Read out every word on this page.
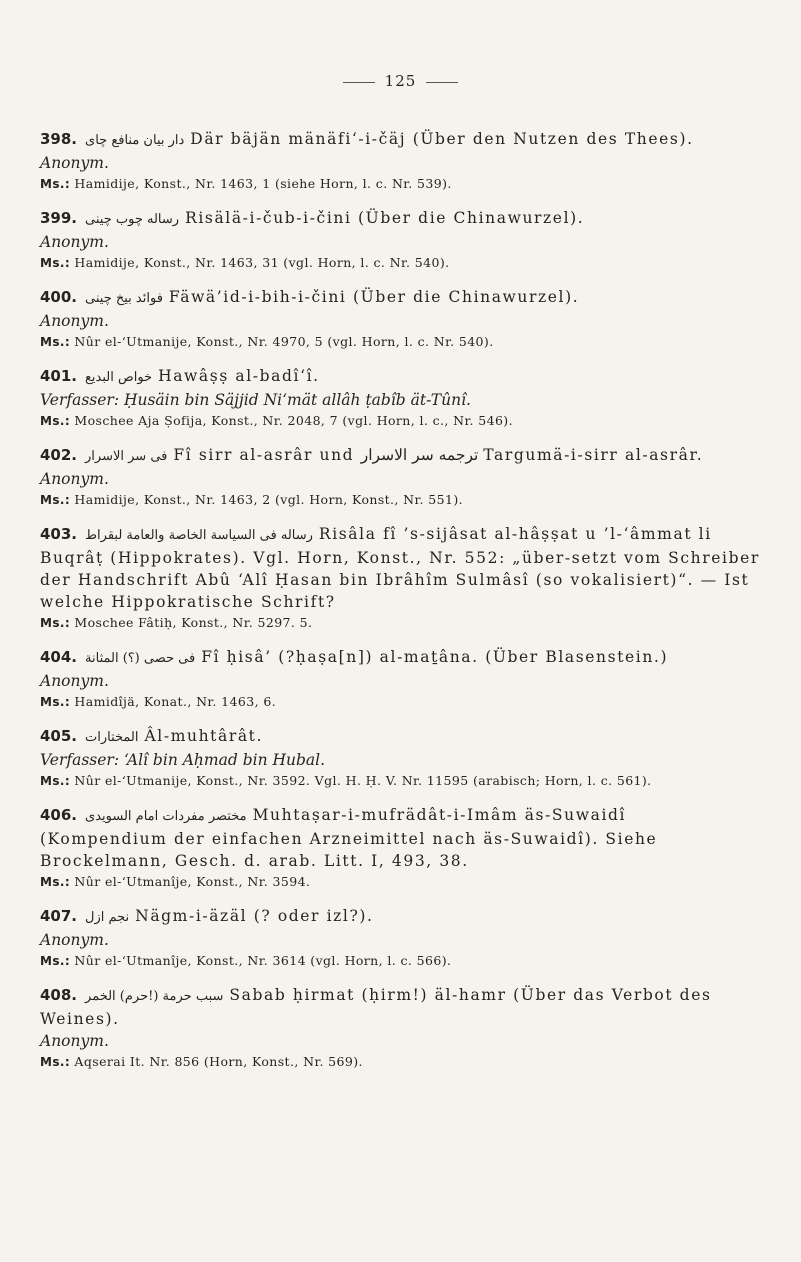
125
398. دار بيان منافع چاى Där bäjän mänäfi‘-i-čäj (Über den Nutzen des Thees).
Anonym.
Ms.: Hamidije, Konst., Nr. 1463, 1 (siehe Horn, l. c. Nr. 539).
399. رساله چوب چينى Risälä-i-čub-i-čini (Über die Chinawurzel).
Anonym.
Ms.: Hamidije, Konst., Nr. 1463, 31 (vgl. Horn, l. c. Nr. 540).
400. فوائد بيخ چينى Fäwä’id-i-bih-i-čini (Über die Chinawurzel).
Anonym.
Ms.: Nûr el-‘Utmanije, Konst., Nr. 4970, 5 (vgl. Horn, l. c. Nr. 540).
401. خواص البديع Hawâṣṣ al-badî‘î.
Verfasser: Ḥusäin bin Säjjid Ni‘mät allâh ṭabîb ät-Tûnî.
Ms.: Moschee Aja Ṣofija, Konst., Nr. 2048, 7 (vgl. Horn, l. c., Nr. 546).
402. فى سر الاسرار Fî sirr al-asrâr und ترجمه سر الاسرار Targumä-i-sirr al-asrâr.
Anonym.
Ms.: Hamidije, Konst., Nr. 1463, 2 (vgl. Horn, Konst., Nr. 551).
403. رساله فى السياسة الخاصة والعامة لبقراط Risâla fî ’s-sijâsat al-hâṣṣat u ’l-‘âmmat li Buqrâṭ (Hippokrates). Vgl. Horn, Konst., Nr. 552: „über-setzt vom Schreiber der Handschrift Abû ‘Alî Ḥasan bin Ibrâhîm Sulmâsî (so vokalisiert)“. — Ist welche Hippokratische Schrift?
Ms.: Moschee Fâtiḥ, Konst., Nr. 5297. 5.
404. فى حصى (؟) المثانة Fî ḥisâ’ (?ḥaṣa[n]) al-maṯâna. (Über Blasenstein.)
Anonym.
Ms.: Hamidîjä, Konat., Nr. 1463, 6.
405. المختارات Âl-muhtârât.
Verfasser: ‘Alî bin Aḥmad bin Hubal.
Ms.: Nûr el-‘Utmanije, Konst., Nr. 3592. Vgl. H. Ḥ. V. Nr. 11595 (arabisch; Horn, l. c. 561).
406. مختصر مفردات امام السويدى Muhtaṣar-i-mufrädât-i-Imâm äs-Suwaidî (Kompendium der einfachen Arzneimittel nach äs-Suwaidî). Siehe Brockelmann, Gesch. d. arab. Litt. I, 493, 38.
Ms.: Nûr el-‘Utmanîje, Konst., Nr. 3594.
407. نجم ازل Nägm-i-äzäl (? oder izl?).
Anonym.
Ms.: Nûr el-‘Utmanîje, Konst., Nr. 3614 (vgl. Horn, l. c. 566).
408. سبب حرمة (!حرم) الخمر Sabab ḥirmat (ḥirm!) äl-hamr (Über das Verbot des Weines).
Anonym.
Ms.: Aqserai It. Nr. 856 (Horn, Konst., Nr. 569).
